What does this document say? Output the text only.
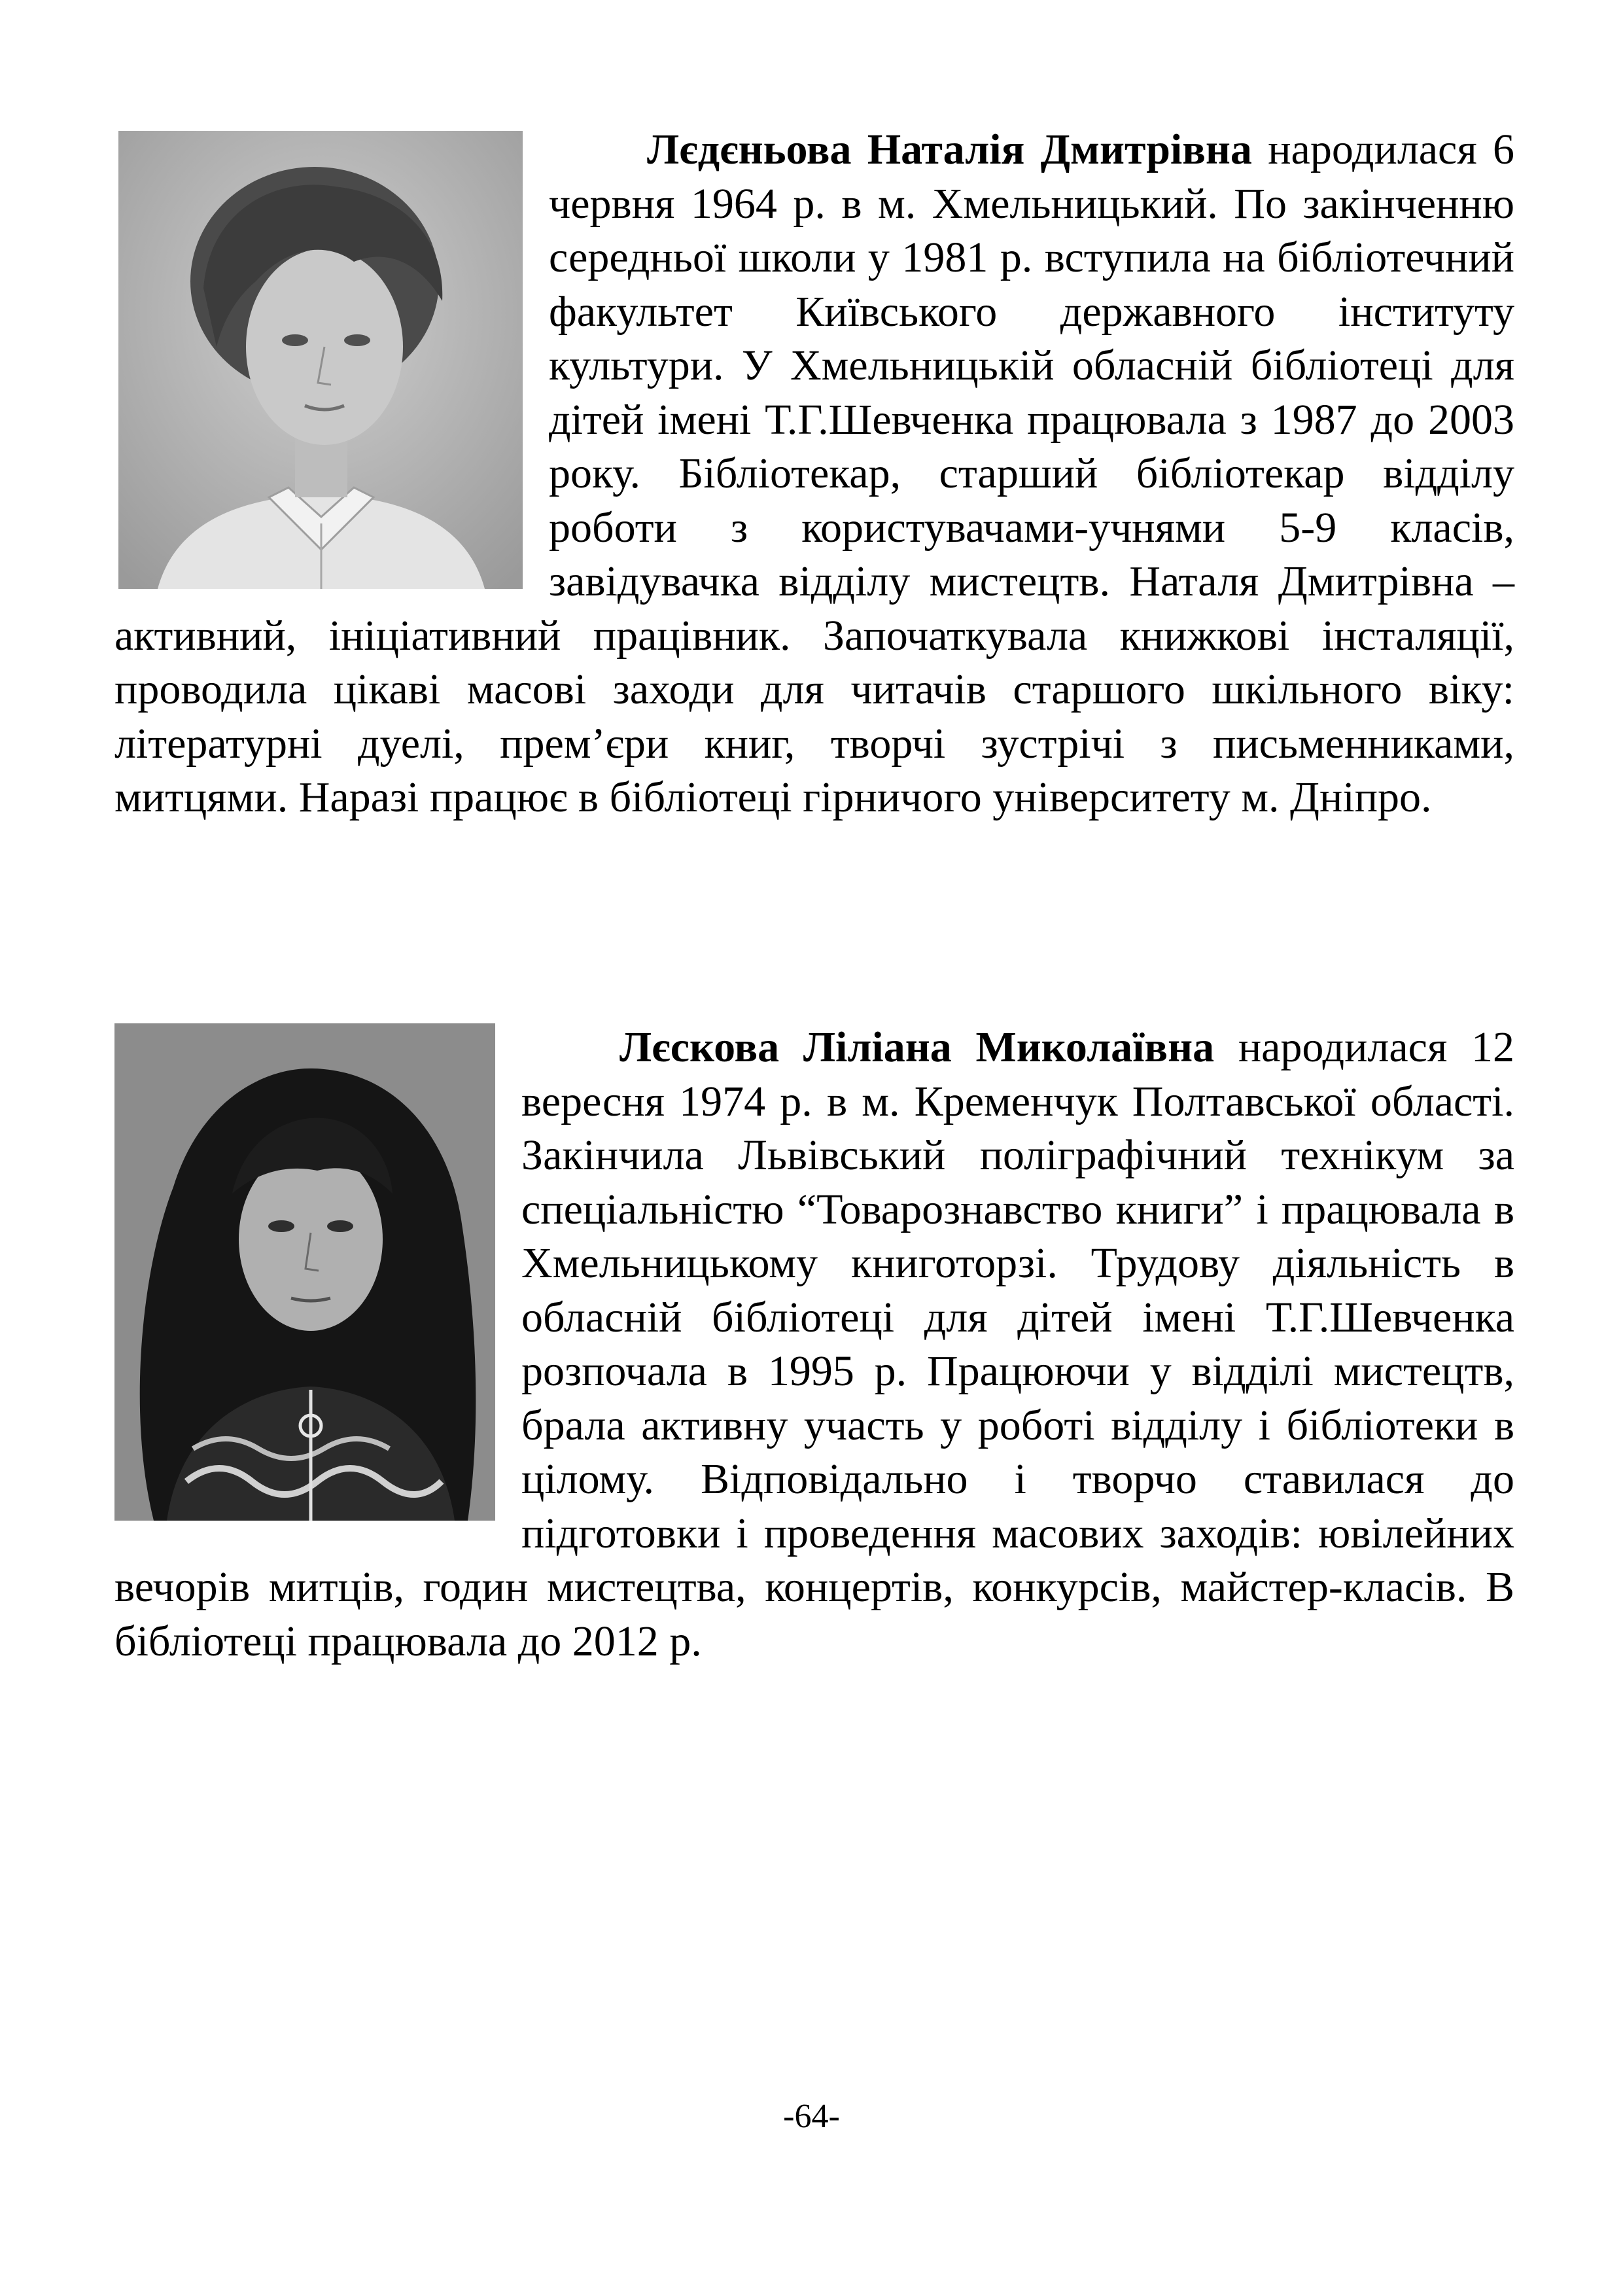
Лєдєньова Наталія Дмитрівна народилася 6 червня 1964 р. в м. Хмельницький. По закінченню середньої школи у 1981 р. вступила на бібліотечний факультет Київського державного інституту культури. У Хмельницькій обласній бібліотеці для дітей імені Т.Г.Шевченка працювала з 1987 до 2003 року. Бібліотекар, старший бібліотекар відділу роботи з користувачами-учнями 5-9 класів, завідувачка відділу мистецтв. Наталя Дмитрівна – активний, ініціативний працівник. Започаткувала книжкові інсталяції, проводила цікаві масові заходи для читачів старшого шкільного віку: літературні дуелі, прем’єри книг, творчі зустрічі з письменниками, митцями. Наразі працює в бібліотеці гірничого університету м. Дніпро.
Лєскова Ліліана Миколаївна народилася 12 вересня 1974 р. в м. Кременчук Полтавської області. Закінчила Львівський поліграфічний технікум за спеціальністю “Товарознавство книги” і працювала в Хмельницькому книготорзі. Трудову діяльність в обласній бібліотеці для дітей імені Т.Г.Шевченка розпочала в 1995 р. Працюючи у відділі мистецтв, брала активну участь у роботі відділу і бібліотеки в цілому. Відповідально і творчо ставилася до підготовки і проведення масових заходів: ювілейних вечорів митців, годин мистецтва, концертів, конкурсів, майстер-класів. В бібліотеці працювала до 2012 р.
-64-
